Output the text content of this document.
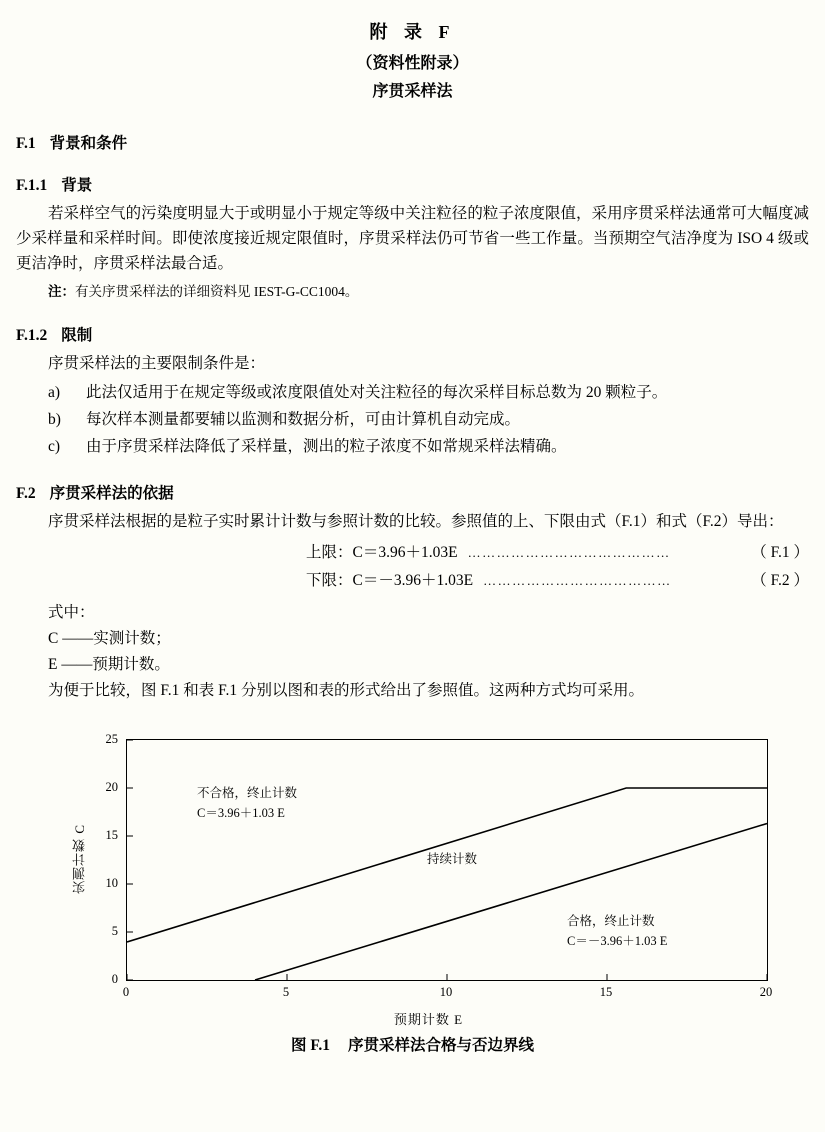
附 录 F
（资料性附录）
序贯采样法
F.1 背景和条件
F.1.1 背景

若采样空气的污染度明显大于或明显小于规定等级中关注粒径的粒子浓度限值，采用序贯采样法通常可大幅度减少采样量和采样时间。即使浓度接近规定限值时，序贯采样法仍可节省一些工作量。当预期空气洁净度为 ISO 4 级或更洁净时，序贯采样法最合适。

注：有关序贯采样法的详细资料见 IEST-G-CC1004。

F.1.2 限制

序贯采样法的主要限制条件是：

a)	此法仅适用于在规定等级或浓度限值处对关注粒径的每次采样目标总数为 20 颗粒子。
b)	每次样本测量都要辅以监测和数据分析，可由计算机自动完成。
c)	由于序贯采样法降低了采样量，测出的粒子浓度不如常规采样法精确。
F.2 序贯采样法的依据

序贯采样法根据的是粒子实时累计计数与参照计数的比较。参照值的上、下限由式（F.1）和式（F.2）导出：

上限：C＝3.96＋1.03E ……………………………………	（ F.1 ）
下限：C＝－3.96＋1.03E …………………………………	（ F.2 ）
式中：
C ——实测计数；
E ——预期计数。

为便于比较，图 F.1 和表 F.1 分别以图和表的形式给出了参照值。这两种方式均可采用。

实测计数 C
25
20
15
10
5
0
0	5	10	15	20
不合格，终止计数
C＝3.96＋1.03 E
持续计数
合格，终止计数
C＝－3.96＋1.03 E
预期计数 E
图 F.1 序贯采样法合格与否边界线
